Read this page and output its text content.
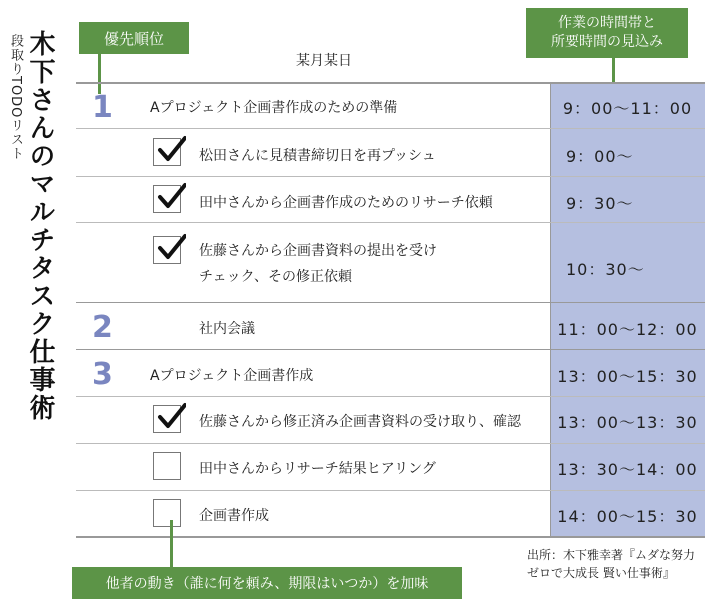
段取りTODOリスト 木下さんのマルチタスク仕事術	優先順位
作業の時間帯と
所要時間の見込み
某月某日
1	Aプロジェクト企画書作成のための準備	9：00〜11：00
松田さんに見積書締切日を再プッシュ	9：00〜
田中さんから企画書作成のためのリサーチ依頼	9：30〜
佐藤さんから企画書資料の提出を受け
チェック、その修正依頼	10：30〜
2	社内会議	11：00〜12：00
3	Aプロジェクト企画書作成	13：00〜15：30
佐藤さんから修正済み企画書資料の受け取り、確認	13：00〜13：30
田中さんからリサーチ結果ヒアリング	13：30〜14：00
企画書作成	14：00〜15：30
他者の動き（誰に何を頼み、期限はいつか）を加味
出所：木下雅幸著『ムダな努力
ゼロで大成長 賢い仕事術』
